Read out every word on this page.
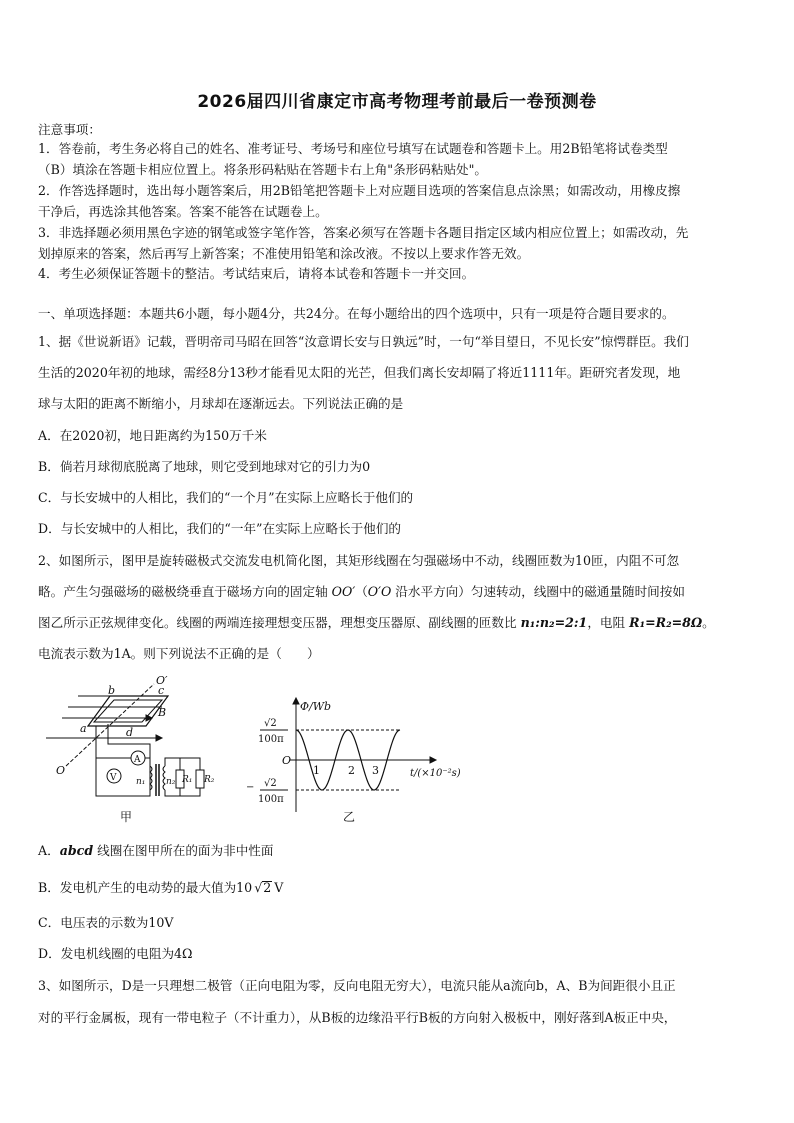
2026届四川省康定市高考物理考前最后一卷预测卷
注意事项：
1．答卷前，考生务必将自己的姓名、准考证号、考场号和座位号填写在试题卷和答题卡上。用2B铅笔将试卷类型
（B）填涂在答题卡相应位置上。将条形码粘贴在答题卡右上角"条形码粘贴处"。
2．作答选择题时，选出每小题答案后，用2B铅笔把答题卡上对应题目选项的答案信息点涂黑；如需改动，用橡皮擦
干净后，再选涂其他答案。答案不能答在试题卷上。
3．非选择题必须用黑色字迹的钢笔或签字笔作答，答案必须写在答题卡各题目指定区域内相应位置上；如需改动，先
划掉原来的答案，然后再写上新答案；不准使用铅笔和涂改液。不按以上要求作答无效。
4．考生必须保证答题卡的整洁。考试结束后，请将本试卷和答题卡一并交回。
一、单项选择题：本题共6小题，每小题4分，共24分。在每小题给出的四个选项中，只有一项是符合题目要求的。
1、据《世说新语》记载，晋明帝司马昭在回答“汝意谓长安与日孰远”时，一句“举目望日，不见长安”惊愕群臣。我们
生活的2020年初的地球，需经8分13秒才能看见太阳的光芒，但我们离长安却隔了将近1111年。距研究者发现，地
球与太阳的距离不断缩小，月球却在逐渐远去。下列说法正确的是
A．在2020初，地日距离约为150万千米
B．倘若月球彻底脱离了地球，则它受到地球对它的引力为0
C．与长安城中的人相比，我们的“一个月”在实际上应略长于他们的
D．与长安城中的人相比，我们的“一年”在实际上应略长于他们的
2、如图所示，图甲是旋转磁极式交流发电机简化图，其矩形线圈在匀强磁场中不动，线圈匝数为10匝，内阻不可忽
略。产生匀强磁场的磁极绕垂直于磁场方向的固定轴 OO′（O′O 沿水平方向）匀速转动，线圈中的磁通量随时间按如
图乙所示正弦规律变化。线圈的两端连接理想变压器，理想变压器原、副线圈的匝数比 n₁:n₂=2:1，电阻 R₁=R₂=8Ω。
电流表示数为1A。则下列说法不正确的是（　　）
O′
b	c
B
a	d
O
A
V n₁ n₂ R₁ R₂
Φ/Wb
t/(×10⁻²s)
O
1	2 3
√2
100π
− √2
100π
甲	乙
A．abcd 线圈在图甲所在的面为非中性面
B．发电机产生的电动势的最大值为10 √2 V
C．电压表的示数为10V
D．发电机线圈的电阻为4Ω
3、如图所示，D是一只理想二极管（正向电阻为零，反向电阻无穷大），电流只能从a流向b，A、B为间距很小且正
对的平行金属板，现有一带电粒子（不计重力），从B板的边缘沿平行B板的方向射入极板中，刚好落到A板正中央，
